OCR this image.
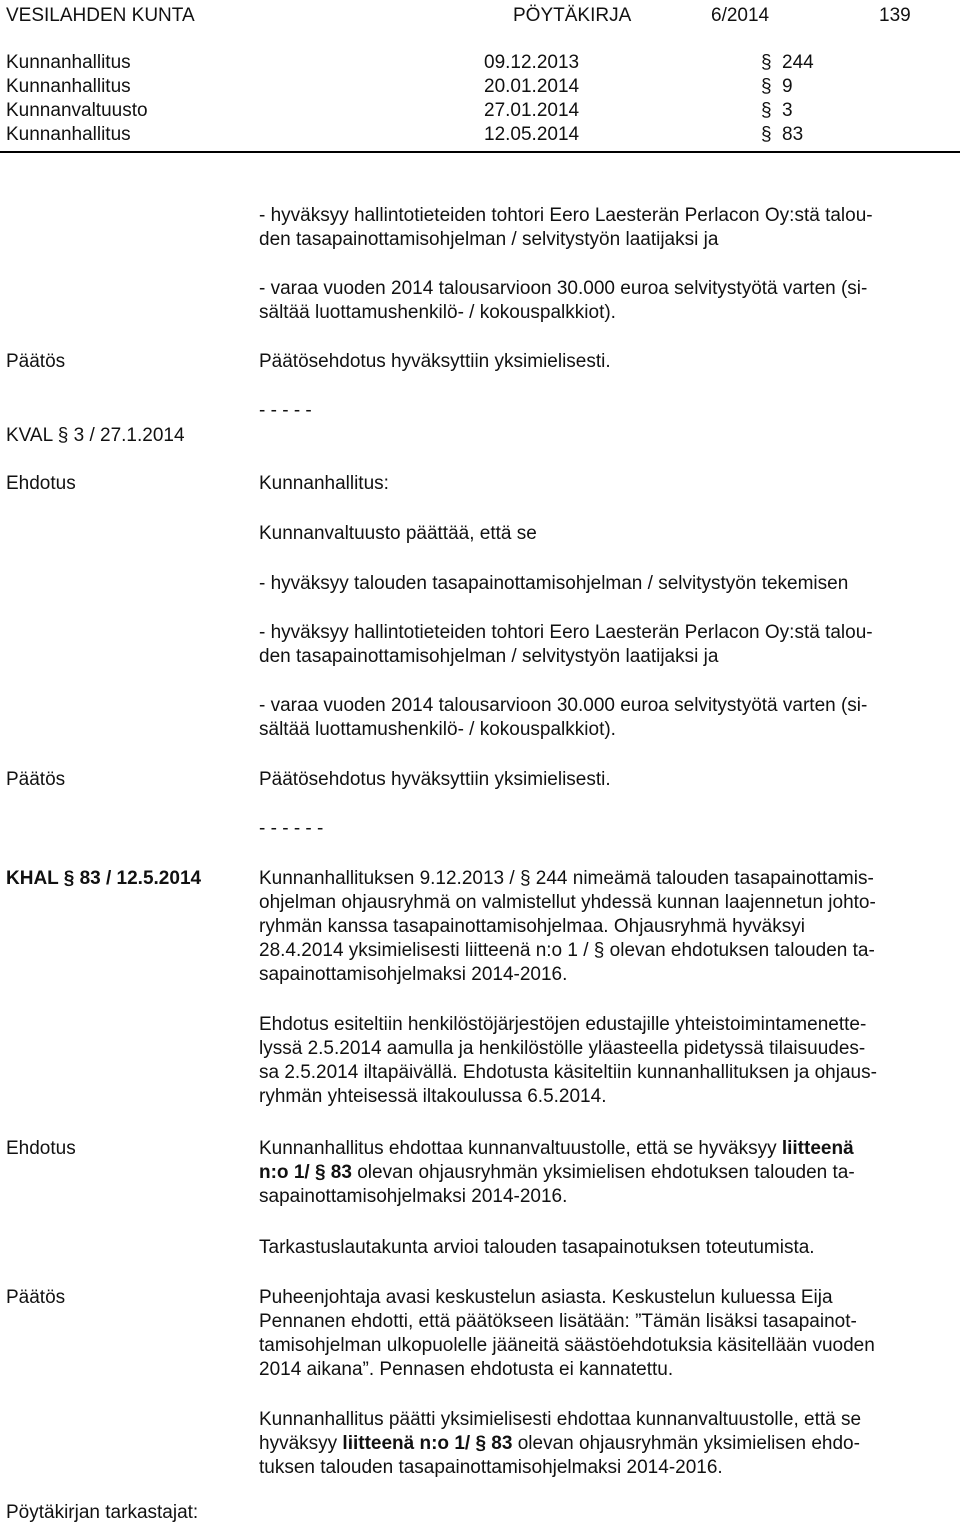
VESILAHDEN KUNTA	PÖYTÄKIRJA	6/2014	139
Kunnanhallitus	09.12.2013	§ 244
Kunnanhallitus	20.01.2014	§ 9
Kunnanvaltuusto	27.01.2014	§ 3
Kunnanhallitus	12.05.2014	§ 83
- hyväksyy hallintotieteiden tohtori Eero Laesterän Perlacon Oy:stä talou-
den tasapainottamisohjelman / selvitystyön laatijaksi ja
- varaa vuoden 2014 talousarvioon 30.000 euroa selvitystyötä varten (si-
sältää luottamushenkilö- / kokouspalkkiot).
Päätös	Päätösehdotus hyväksyttiin yksimielisesti.
- - - - -
KVAL § 3 / 27.1.2014
Ehdotus	Kunnanhallitus:
Kunnanvaltuusto päättää, että se
- hyväksyy talouden tasapainottamisohjelman / selvitystyön tekemisen
- hyväksyy hallintotieteiden tohtori Eero Laesterän Perlacon Oy:stä talou-
den tasapainottamisohjelman / selvitystyön laatijaksi ja
- varaa vuoden 2014 talousarvioon 30.000 euroa selvitystyötä varten (si-
sältää luottamushenkilö- / kokouspalkkiot).
Päätös	Päätösehdotus hyväksyttiin yksimielisesti.
- - - - - -
KHAL § 83 / 12.5.2014	Kunnanhallituksen 9.12.2013 / § 244 nimeämä talouden tasapainottamis-
ohjelman ohjausryhmä on valmistellut yhdessä kunnan laajennetun johto-
ryhmän kanssa tasapainottamisohjelmaa. Ohjausryhmä hyväksyi
28.4.2014 yksimielisesti liitteenä n:o 1 / § olevan ehdotuksen talouden ta-
sapainottamisohjelmaksi 2014-2016.
Ehdotus esiteltiin henkilöstöjärjestöjen edustajille yhteistoimintamenette-
lyssä 2.5.2014 aamulla ja henkilöstölle yläasteella pidetyssä tilaisuudes-
sa 2.5.2014 iltapäivällä. Ehdotusta käsiteltiin kunnanhallituksen ja ohjaus-
ryhmän yhteisessä iltakoulussa 6.5.2014.
Ehdotus	Kunnanhallitus ehdottaa kunnanvaltuustolle, että se hyväksyy liitteenä
n:o 1/ § 83 olevan ohjausryhmän yksimielisen ehdotuksen talouden ta-
sapainottamisohjelmaksi 2014-2016.
Tarkastuslautakunta arvioi talouden tasapainotuksen toteutumista.
Päätös	Puheenjohtaja avasi keskustelun asiasta. Keskustelun kuluessa Eija
Pennanen ehdotti, että päätökseen lisätään: ”Tämän lisäksi tasapainot-
tamisohjelman ulkopuolelle jääneitä säästöehdotuksia käsitellään vuoden
2014 aikana”. Pennasen ehdotusta ei kannatettu.
Kunnanhallitus päätti yksimielisesti ehdottaa kunnanvaltuustolle, että se
hyväksyy liitteenä n:o 1/ § 83 olevan ohjausryhmän yksimielisen ehdo-
tuksen talouden tasapainottamisohjelmaksi 2014-2016.
Pöytäkirjan tarkastajat:
